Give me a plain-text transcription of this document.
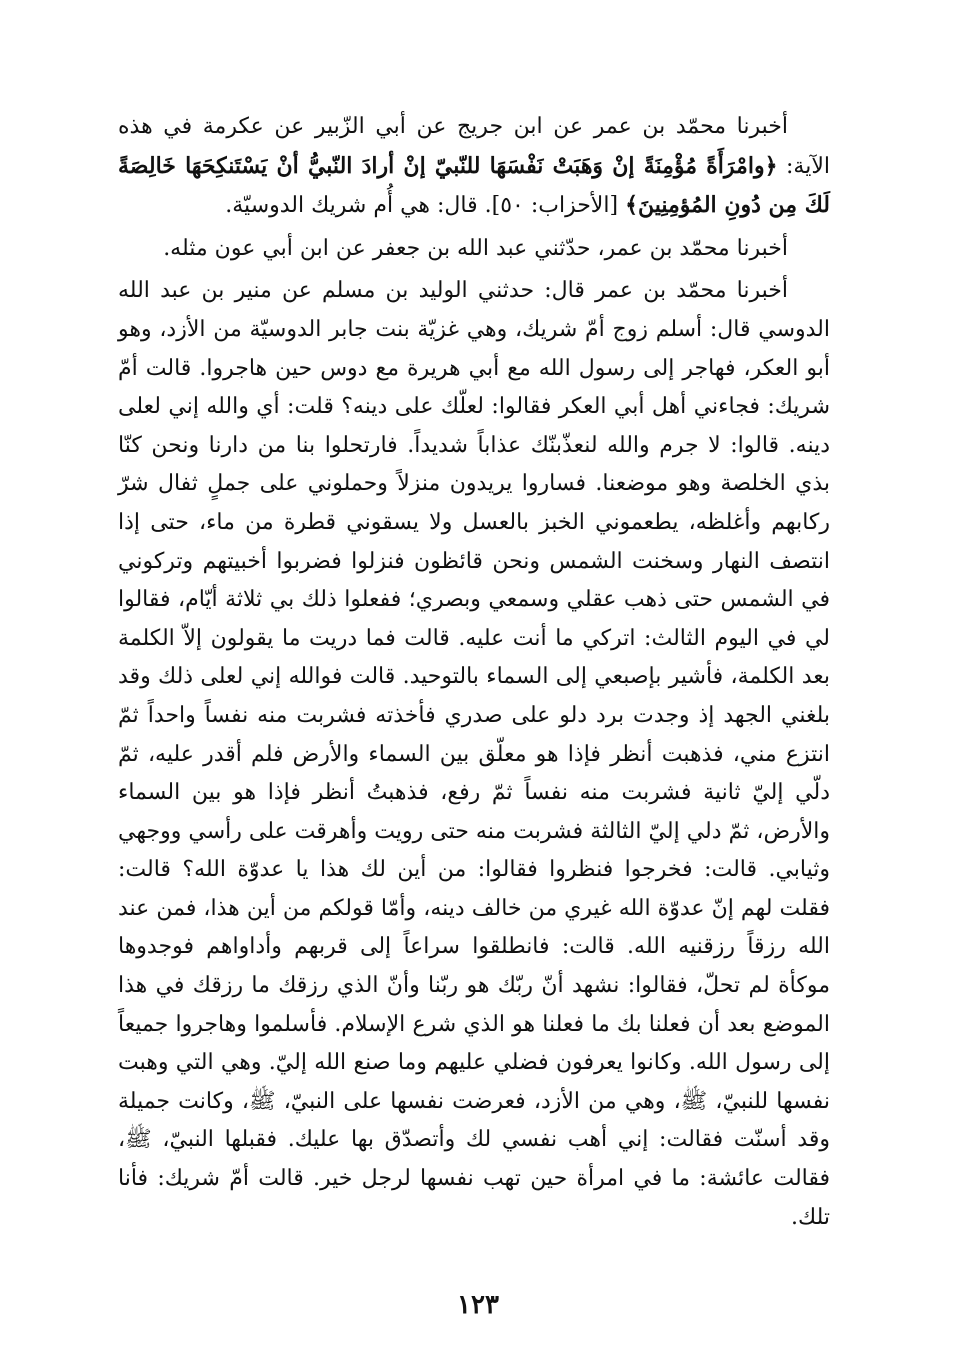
أخبرنا محمّد بن عمر عن ابن جريج عن أبي الزّبير عن عكرمة في هذه الآية: ﴿وامْرَأَةً مُؤْمِنَةً إنْ وَهَبَتْ نَفْسَهَا للنّبيّ إنْ أرادَ النّبيُّ أنْ يَسْتَنكِحَهَا خَالِصَةً لَكَ مِن دُونِ المُؤمِنِينَ﴾ [الأحزاب: ٥٠]. قال: هي أُم شريك الدوسيّة.

أخبرنا محمّد بن عمر، حدّثني عبد الله بن جعفر عن ابن أبي عون مثله.

أخبرنا محمّد بن عمر قال: حدثني الوليد بن مسلم عن منير بن عبد الله الدوسي قال: أسلم زوج أمّ شريك، وهي غزيّة بنت جابر الدوسيّة من الأزد، وهو أبو العكر، فهاجر إلى رسول الله مع أبي هريرة مع دوس حين هاجروا. قالت أمّ شريك: فجاءني أهل أبي العكر فقالوا: لعلّك على دينه؟ قلت: أي والله إني لعلى دينه. قالوا: لا جرم والله لنعذّبنّك عذاباً شديداً. فارتحلوا بنا من دارنا ونحن كنّا بذي الخلصة وهو موضعنا. فساروا يريدون منزلاً وحملوني على جملٍ ثفال شرّ ركابهم وأغلظه، يطعموني الخبز بالعسل ولا يسقوني قطرة من ماء، حتى إذا انتصف النهار وسخنت الشمس ونحن قائظون فنزلوا فضربوا أخبيتهم وتركوني في الشمس حتى ذهب عقلي وسمعي وبصري؛ ففعلوا ذلك بي ثلاثة أيّام، فقالوا لي في اليوم الثالث: اتركي ما أنت عليه. قالت فما دريت ما يقولون إلاّ الكلمة بعد الكلمة، فأشير بإصبعي إلى السماء بالتوحيد. قالت فوالله إني لعلى ذلك وقد بلغني الجهد إذ وجدت برد دلو على صدري فأخذته فشربت منه نفساً واحداً ثمّ انتزع مني، فذهبت أنظر فإذا هو معلّق بين السماء والأرض فلم أقدر عليه، ثمّ دلّي إليّ ثانية فشربت منه نفساً ثمّ رفع، فذهبتُ أنظر فإذا هو بين السماء والأرض، ثمّ دلي إليّ الثالثة فشربت منه حتى رويت وأهرقت على رأسي ووجهي وثيابي. قالت: فخرجوا فنظروا فقالوا: من أين لك هذا يا عدوّة الله؟ قالت: فقلت لهم إنّ عدوّة الله غيري من خالف دينه، وأمّا قولكم من أين هذا، فمن عند الله رزقاً رزقنيه الله. قالت: فانطلقوا سراعاً إلى قربهم وأداواهم فوجدوها موكأة لم تحلّ، فقالوا: نشهد أنّ ربّك هو ربّنا وأنّ الذي رزقك ما رزقك في هذا الموضع بعد أن فعلنا بك ما فعلنا هو الذي شرع الإسلام. فأسلموا وهاجروا جميعاً إلى رسول الله. وكانوا يعرفون فضلي عليهم وما صنع الله إليّ. وهي التي وهبت نفسها للنبيّ، ﷺ، وهي من الأزد، فعرضت نفسها على النبيّ، ﷺ، وكانت جميلة وقد أسنّت فقالت: إني أهب نفسي لك وأتصدّق بها عليك. فقبلها النبيّ، ﷺ، فقالت عائشة: ما في امرأة حين تهب نفسها لرجل خير. قالت أمّ شريك: فأنا تلك.

١٢٣
